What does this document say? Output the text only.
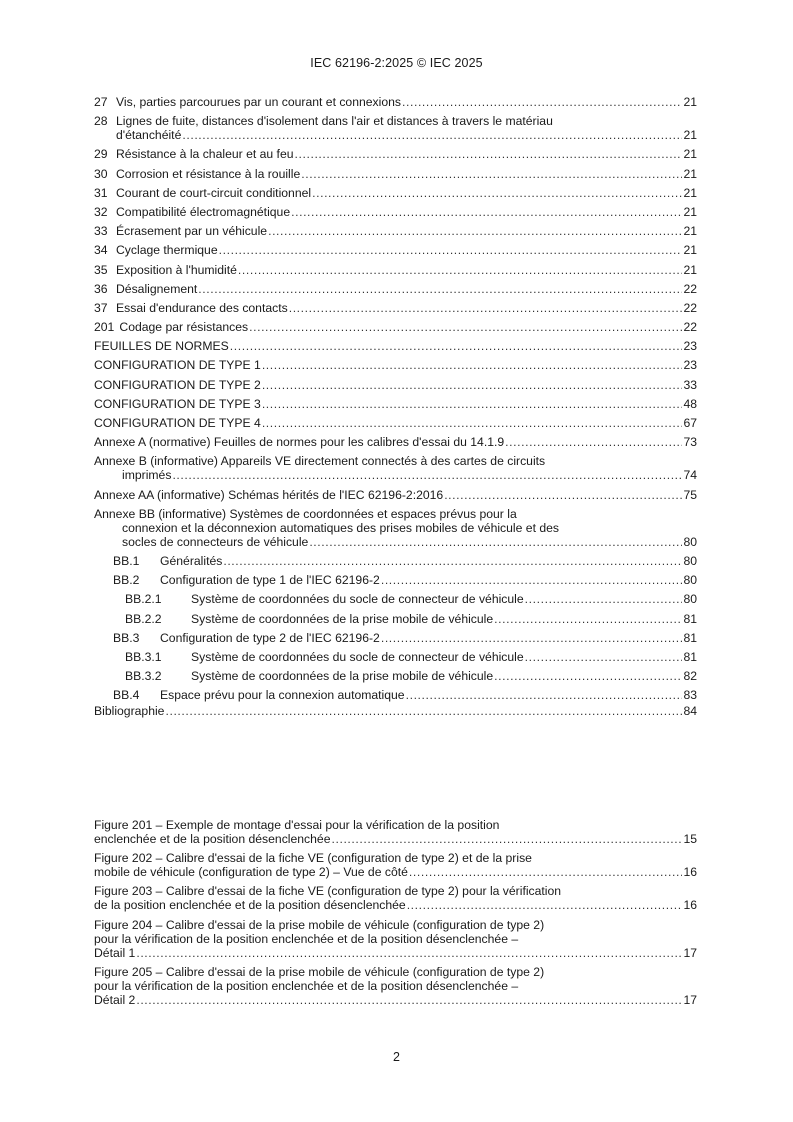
IEC 62196-2:2025 © IEC 2025
27 Vis, parties parcourues par un courant et connexions .....	21
28 Lignes de fuite, distances d'isolement dans l'air et distances à travers le matériau
d'étanchéité .....	21
29 Résistance à la chaleur et au feu .....	21
30 Corrosion et résistance à la rouille .....	21
31 Courant de court-circuit conditionnel .....	21
32 Compatibilité électromagnétique .....	21
33 Écrasement par un véhicule .....	21
34 Cyclage thermique .....	21
35 Exposition à l'humidité .....	21
36 Désalignement .....	22
37 Essai d'endurance des contacts .....	22
201 Codage par résistances .....	22
FEUILLES DE NORMES .....	23
CONFIGURATION DE TYPE 1 .....	23
CONFIGURATION DE TYPE 2 .....	33
CONFIGURATION DE TYPE 3 .....	48
CONFIGURATION DE TYPE 4 .....	67
Annexe A (normative) Feuilles de normes pour les calibres d'essai du 14.1.9 .....	73
Annexe B (informative) Appareils VE directement connectés à des cartes de circuits
imprimés .....	74
Annexe AA (informative) Schémas hérités de l'IEC 62196-2:2016 .....	75
Annexe BB (informative) Systèmes de coordonnées et espaces prévus pour la
connexion et la déconnexion automatiques des prises mobiles de véhicule et des
socles de connecteurs de véhicule .....	80
BB.1 Généralités .....	80
BB.2 Configuration de type 1 de l'IEC 62196-2 .....	80
BB.2.1 Système de coordonnées du socle de connecteur de véhicule .....	80
BB.2.2 Système de coordonnées de la prise mobile de véhicule .....	81
BB.3 Configuration de type 2 de l'IEC 62196-2 .....	81
BB.3.1 Système de coordonnées du socle de connecteur de véhicule .....	81
BB.3.2 Système de coordonnées de la prise mobile de véhicule .....	82
BB.4 Espace prévu pour la connexion automatique .....	83
Bibliographie .....	84
Figure 201 – Exemple de montage d'essai pour la vérification de la position
enclenchée et de la position désenclenchée .....	15
Figure 202 – Calibre d'essai de la fiche VE (configuration de type 2) et de la prise
mobile de véhicule (configuration de type 2) – Vue de côté .....	16
Figure 203 – Calibre d'essai de la fiche VE (configuration de type 2) pour la vérification
de la position enclenchée et de la position désenclenchée .....	16
Figure 204 – Calibre d'essai de la prise mobile de véhicule (configuration de type 2)
pour la vérification de la position enclenchée et de la position désenclenchée –
Détail 1 .....	17
Figure 205 – Calibre d'essai de la prise mobile de véhicule (configuration de type 2)
pour la vérification de la position enclenchée et de la position désenclenchée –
Détail 2 .....	17
2
